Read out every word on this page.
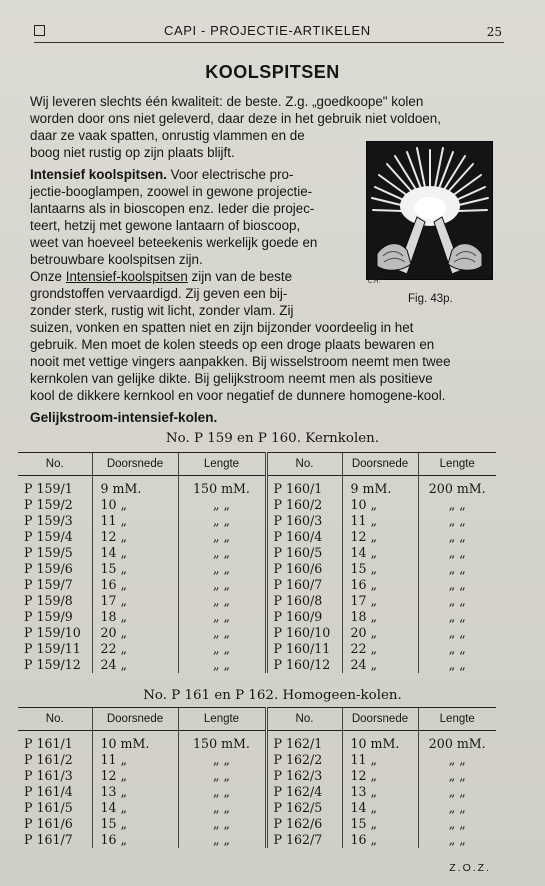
CAPI - PROJECTIE-ARTIKELEN	25
KOOLSPITSEN
Wij leveren slechts één kwaliteit: de beste. Z.g. „goedkoope" kolen
worden door ons niet geleverd, daar deze in het gebruik niet voldoen,
daar ze vaak spatten, onrustig vlammen en de
boog niet rustig op zijn plaats blijft.
Intensief koolspitsen. Voor electrische pro-
jectie-booglampen, zoowel in gewone projectie-
lantaarns als in bioscopen enz. Ieder die projec-
teert, hetzij met gewone lantaarn of bioscoop,
weet van hoeveel beteekenis werkelijk goede en
betrouwbare koolspitsen zijn.
Onze Intensief-koolspitsen zijn van de beste
grondstoffen vervaardigd. Zij geven een bij-
zonder sterk, rustig wit licht, zonder vlam. Zij
suizen, vonken en spatten niet en zijn bijzonder voordeelig in het
gebruik. Men moet de kolen steeds op een droge plaats bewaren en
nooit met vettige vingers aanpakken. Bij wisselstroom neemt men twee
kernkolen van gelijke dikte. Bij gelijkstroom neemt men als positieve
kool de dikkere kernkool en voor negatief de dunnere homogene-kool.
C.H.
Fig. 43p.
Gelijkstroom-intensief-kolen.
No. P 159 en P 160. Kernkolen.
No.	Doorsnede	Lengte	No.	Doorsnede	Lengte
P 159/1	9 mM.	150 mM.	P 160/1	9 mM.	200 mM.
P 159/2	10 „	„ „	P 160/2	10 „	„ „
P 159/3	11 „	„ „	P 160/3	11 „	„ „
P 159/4	12 „	„ „	P 160/4	12 „	„ „
P 159/5	14 „	„ „	P 160/5	14 „	„ „
P 159/6	15 „	„ „	P 160/6	15 „	„ „
P 159/7	16 „	„ „	P 160/7	16 „	„ „
P 159/8	17 „	„ „	P 160/8	17 „	„ „
P 159/9	18 „	„ „	P 160/9	18 „	„ „
P 159/10	20 „	„ „	P 160/10	20 „	„ „
P 159/11	22 „	„ „	P 160/11	22 „	„ „
P 159/12	24 „	„ „	P 160/12	24 „	„ „
No. P 161 en P 162. Homogeen-kolen.
No.	Doorsnede	Lengte	No.	Doorsnede	Lengte
P 161/1	10 mM.	150 mM.	P 162/1	10 mM.	200 mM.
P 161/2	11 „	„ „	P 162/2	11 „	„ „
P 161/3	12 „	„ „	P 162/3	12 „	„ „
P 161/4	13 „	„ „	P 162/4	13 „	„ „
P 161/5	14 „	„ „	P 162/5	14 „	„ „
P 161/6	15 „	„ „	P 162/6	15 „	„ „
P 161/7	16 „	„ „	P 162/7	16 „	„ „
Z.O.Z.
